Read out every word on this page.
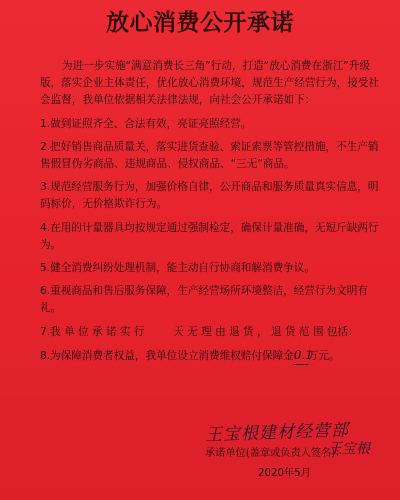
放心消费公开承诺

为进一步实施“满意消费长三角”行动，打造“放心消费在浙江”升级版，落实企业主体责任，优化放心消费环境，规范生产经营行为，接受社会监督，我单位依据相关法律法规，向社会公开承诺如下：

1.做到证照齐全、合法有效，亮证亮照经营。

2.把好销售商品质量关，落实进货查验、索证索票等管控措施，不生产销售假冒伪劣商品、违规商品、侵权商品、“三无”商品。

3.规范经营服务行为，加强价格自律，公开商品和服务质量真实信息，明码标价，无价格欺诈行为。

4.在用的计量器具均按规定通过强制检定，确保计量准确，无短斤缺两行为。

5.健全消费纠纷处理机制，能主动自行协商和解消费争议。

6.重视商品和售后服务保障，生产经营场所环境整洁，经营行为文明有礼。

7.我 单 位 承 诺 实 行	天 无 理 由 退 货 ， 退 货 范 围 包括：

8.为保障消费者权益，我单位设立消费维权赔付保障金0.1万元。

王宝根建材经营部
承诺单位(盖章或负责人签名)：
王宝根
2020年5月
